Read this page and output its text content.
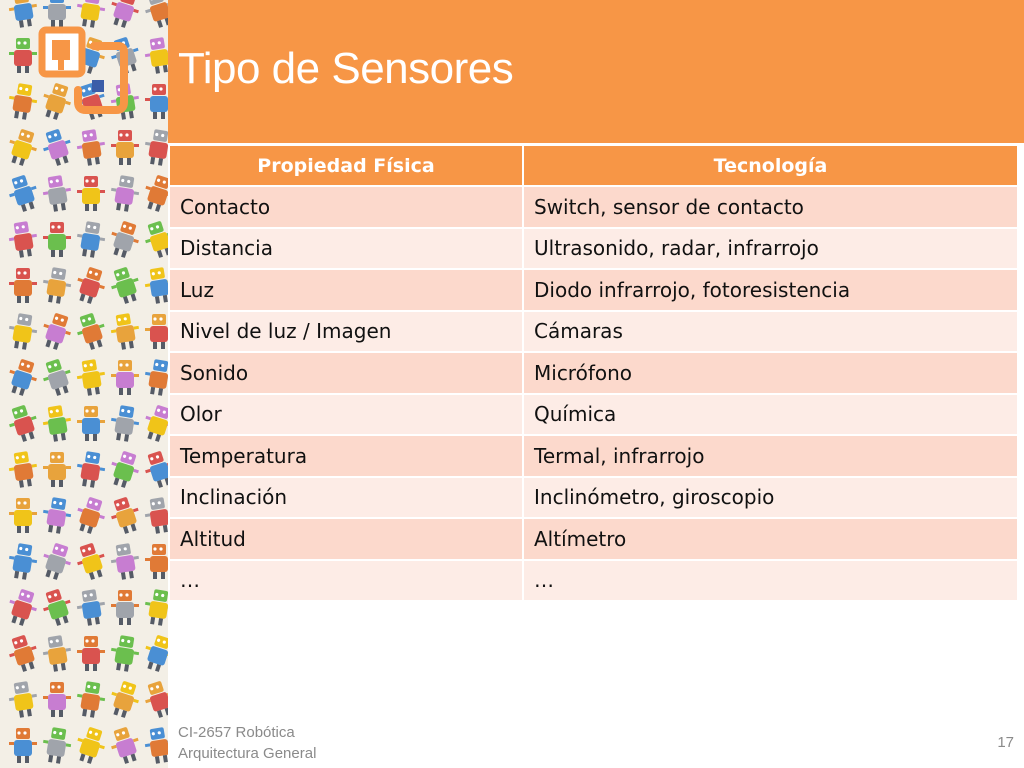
Tipo de Sensores
Propiedad Física	Tecnología
Contacto	Switch, sensor de contacto
Distancia	Ultrasonido, radar, infrarrojo
Luz	Diodo infrarrojo, fotoresistencia
Nivel de luz / Imagen	Cámaras
Sonido	Micrófono
Olor	Química
Temperatura	Termal, infrarrojo
Inclinación	Inclinómetro, giroscopio
Altitud	Altímetro
…	…
CI-2657 Robótica
Arquitectura General
17
